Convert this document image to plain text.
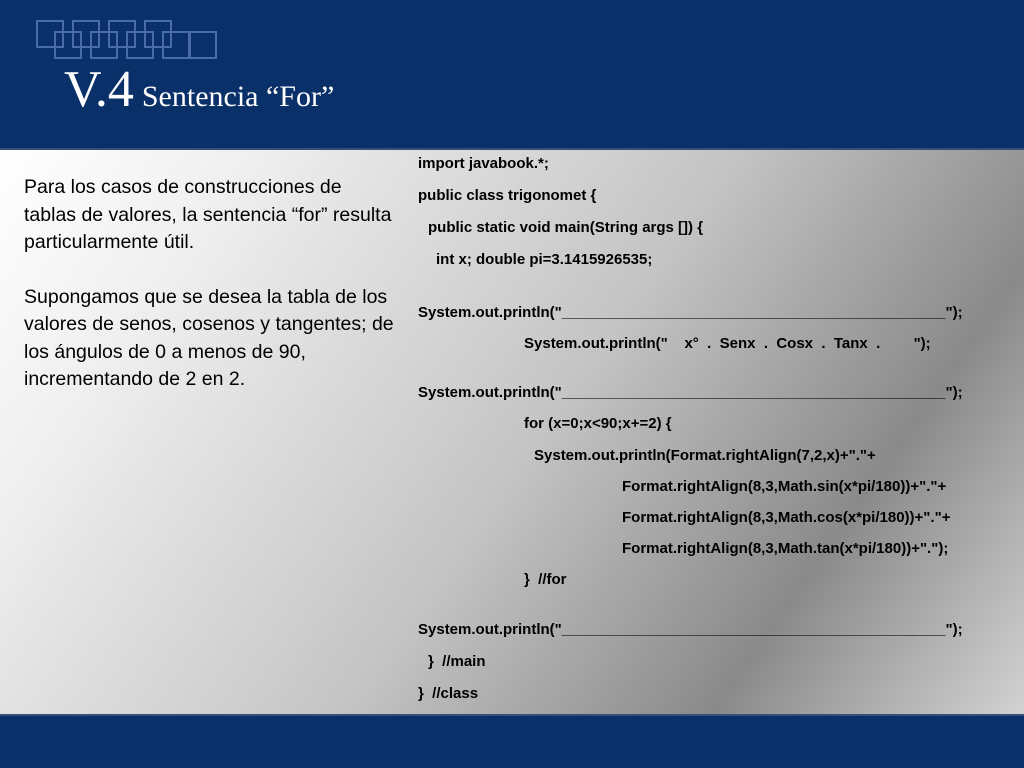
V.4 Sentencia “For”

Para los casos de construcciones de tablas de valores, la sentencia “for” resulta particularmente útil.

Supongamos que se desea la tabla de los valores de senos, cosenos y tangentes; de los ángulos de 0 a menos de 90, incrementando de 2 en 2.

import javabook.*;
public class trigonomet {
public static void main(String args []) {
int x; double pi=3.1415926535;
System.out.println("______________________________________________");
System.out.println("    x°  .  Senx  .  Cosx  .  Tanx  .        ");
System.out.println("______________________________________________");
for (x=0;x<90;x+=2) {
System.out.println(Format.rightAlign(7,2,x)+"."+
Format.rightAlign(8,3,Math.sin(x*pi/180))+"."+
Format.rightAlign(8,3,Math.cos(x*pi/180))+"."+
Format.rightAlign(8,3,Math.tan(x*pi/180))+".");
}  //for
System.out.println("______________________________________________");
}  //main
}  //class
